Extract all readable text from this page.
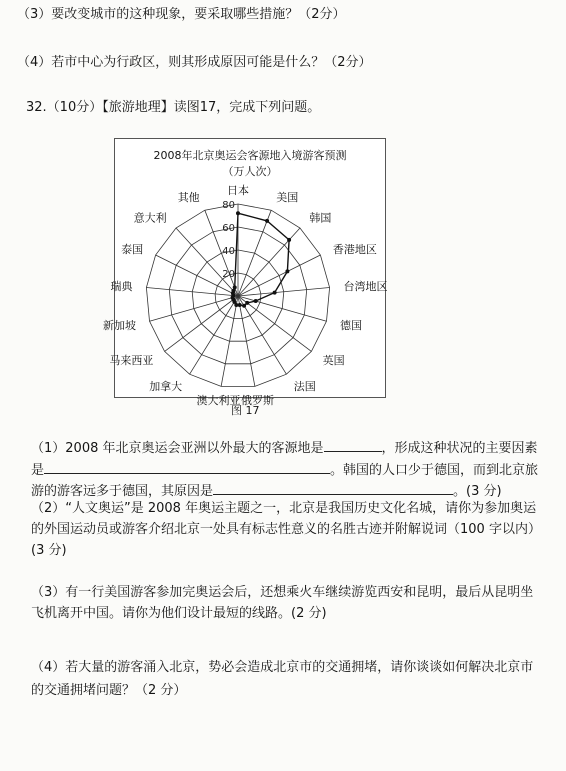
（3）要改变城市的这种现象，要采取哪些措施？（2分）
（4）若市中心为行政区，则其形成原因可能是什么？（2分）
32.（10分）【旅游地理】读图17，完成下列问题。
2008年北京奥运会客源地入境游客预测
（万人次）
20
40
60
80
日本
美国
韩国
香港地区
台湾地区
德国
英国
法国
俄罗斯
澳大利亚
加拿大
马来西亚
新加坡
瑞典
泰国
意大利
其他
图 17
（1）2008 年北京奥运会亚洲以外最大的客源地是	，形成这种状况的主要因素
是	。韩国的人口少于德国，而到北京旅
游的游客远多于德国，其原因是	。(3 分)
（2）“人文奥运”是 2008 年奥运主题之一，北京是我国历史文化名城，请你为参加奥运
的外国运动员或游客介绍北京一处具有标志性意义的名胜古迹并附解说词（100 字以内）
(3 分)
（3）有一行美国游客参加完奥运会后，还想乘火车继续游览西安和昆明，最后从昆明坐
飞机离开中国。请你为他们设计最短的线路。(2 分)
（4）若大量的游客涌入北京，势必会造成北京市的交通拥堵，请你谈谈如何解决北京市
的交通拥堵问题？（2 分）
